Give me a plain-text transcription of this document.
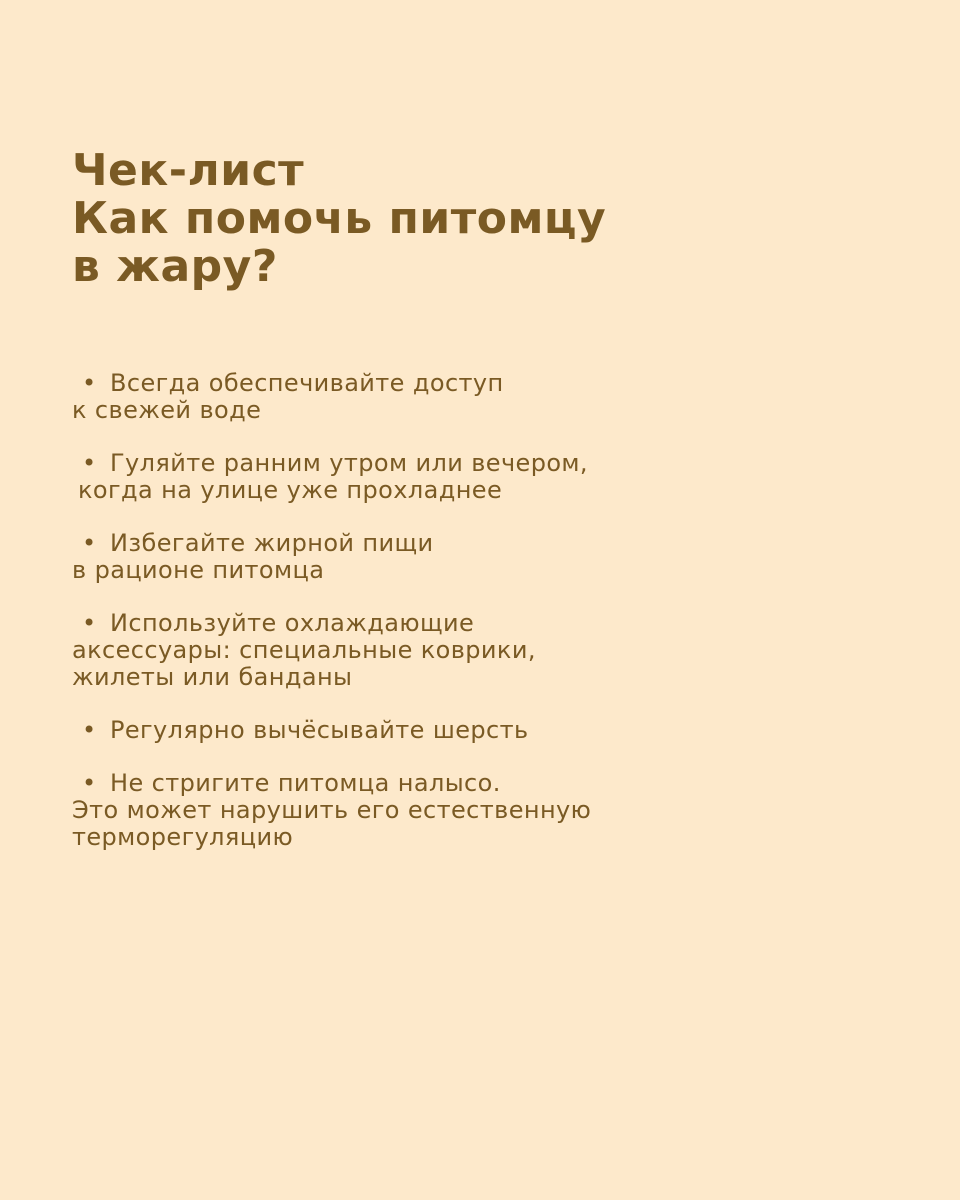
Чек-лист
Как помочь питомцу
в жару?
• Всегда обеспечивайте доступ
к свежей воде
• Гуляйте ранним утром или вечером,
когда на улице уже прохладнее
• Избегайте жирной пищи
в рационе питомца
• Используйте охлаждающие
аксессуары: специальные коврики,
жилеты или банданы
• Регулярно вычёсывайте шерсть
• Не стригите питомца налысо.
Это может нарушить его естественную
терморегуляцию
